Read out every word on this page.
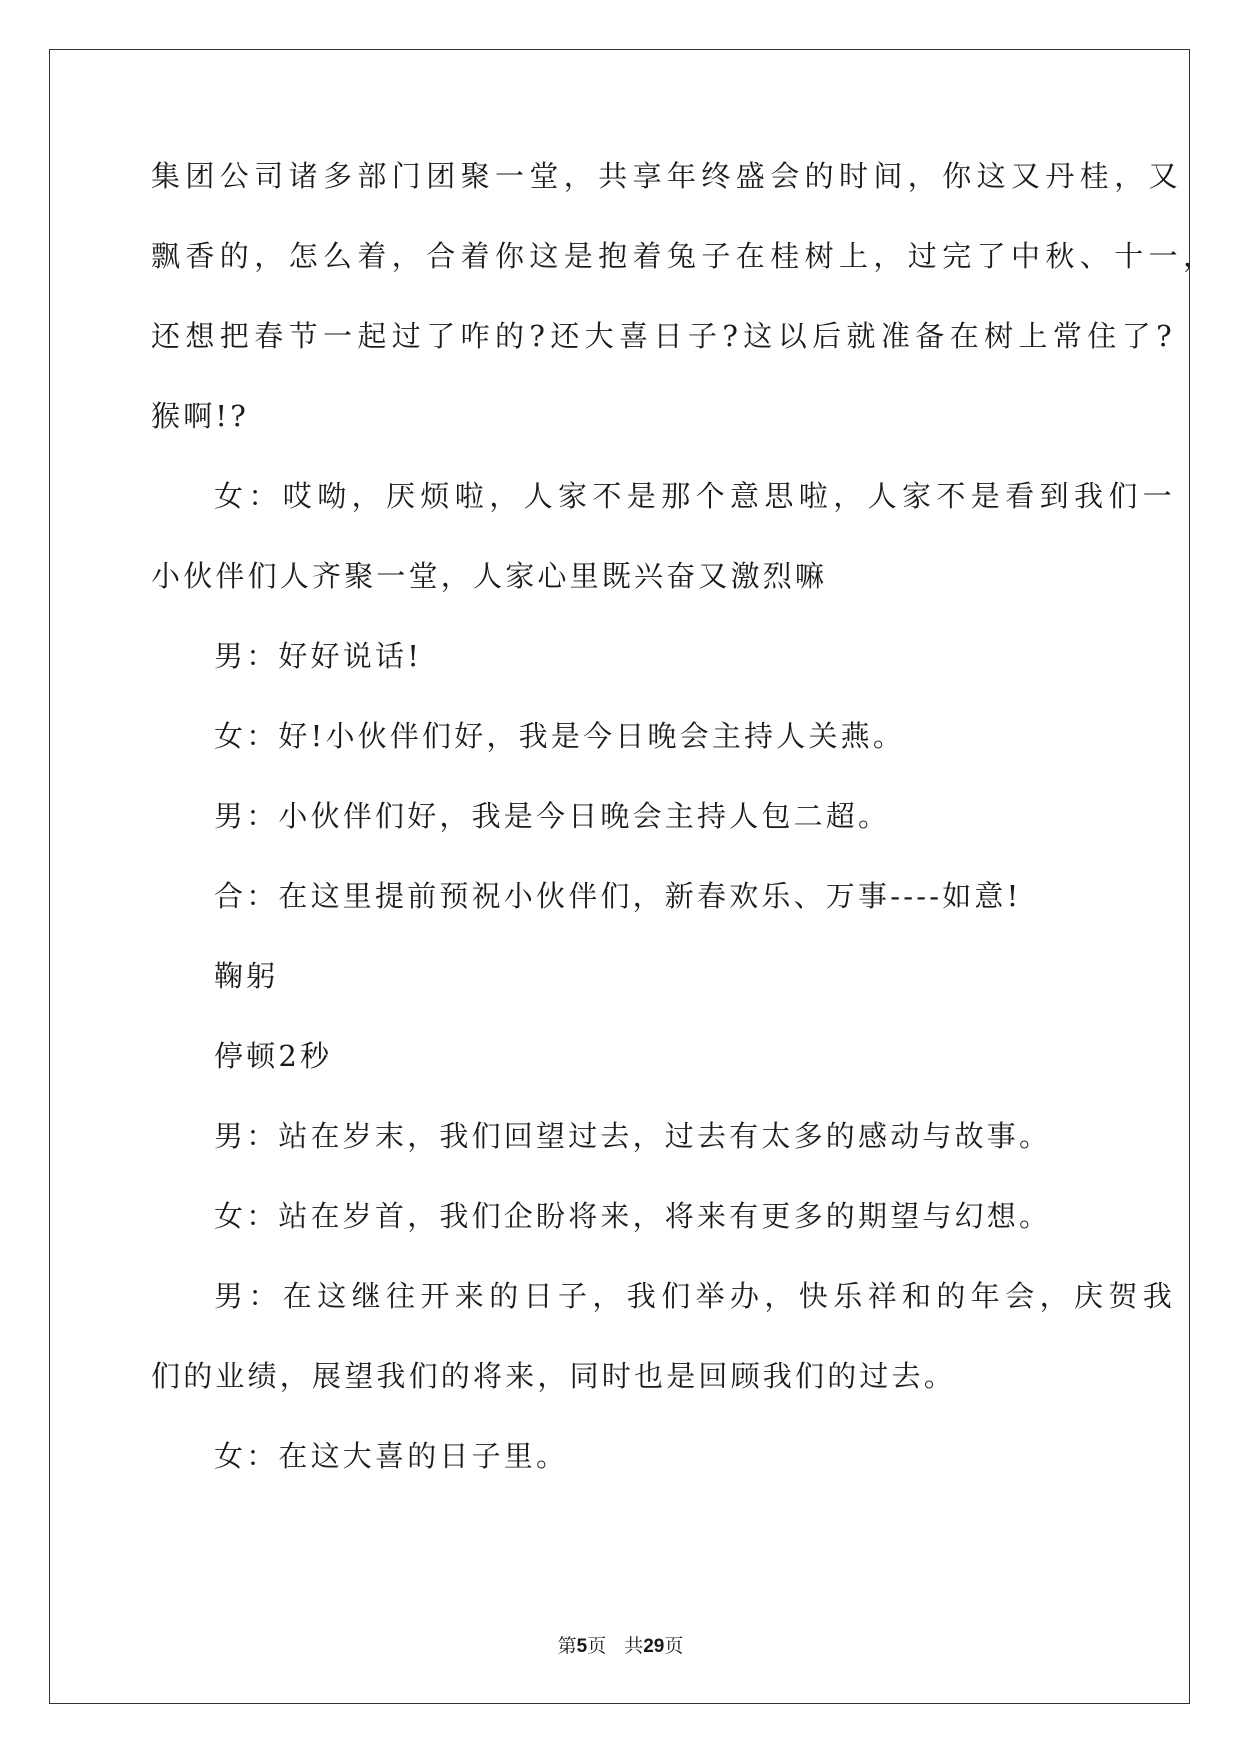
集团公司诸多部门团聚一堂，共享年终盛会的时间，你这又丹桂，又
飘香的，怎么着，合着你这是抱着兔子在桂树上，过完了中秋、十一，
还想把春节一起过了咋的?还大喜日子?这以后就准备在树上常住了?
猴啊!?
女：哎呦，厌烦啦，人家不是那个意思啦，人家不是看到我们一
小伙伴们人齐聚一堂，人家心里既兴奋又激烈嘛
男：好好说话!
女：好!小伙伴们好，我是今日晚会主持人关燕。
男：小伙伴们好，我是今日晚会主持人包二超。
合：在这里提前预祝小伙伴们，新春欢乐、万事----如意!
鞠躬
停顿2秒
男：站在岁末，我们回望过去，过去有太多的感动与故事。
女：站在岁首，我们企盼将来，将来有更多的期望与幻想。
男：在这继往开来的日子，我们举办，快乐祥和的年会，庆贺我
们的业绩，展望我们的将来，同时也是回顾我们的过去。
女：在这大喜的日子里。
第5页 共29页
